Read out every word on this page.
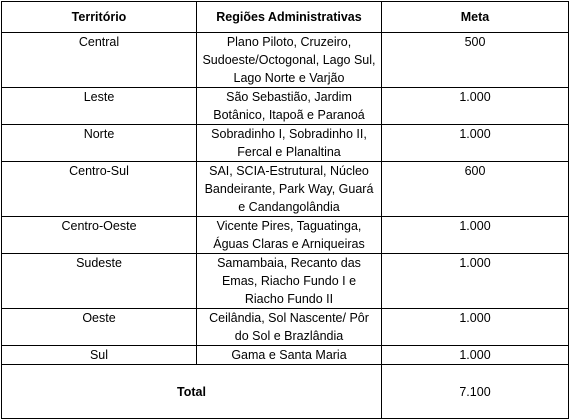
Território	Regiões Administrativas	Meta
Central	Plano Piloto, Cruzeiro, Sudoeste/Octogonal, Lago Sul, Lago Norte e Varjão	500
Leste	São Sebastião, Jardim Botânico, Itapoã e Paranoá	1.000
Norte	Sobradinho I, Sobradinho II, Fercal e Planaltina	1.000
Centro-Sul	SAI, SCIA-Estrutural, Núcleo Bandeirante, Park Way, Guará e Candangolândia	600
Centro-Oeste	Vicente Pires, Taguatinga, Águas Claras e Arniqueiras	1.000
Sudeste	Samambaia, Recanto das Emas, Riacho Fundo I e Riacho Fundo II	1.000
Oeste	Ceilândia, Sol Nascente/ Pôr do Sol e Brazlândia	1.000
Sul	Gama e Santa Maria	1.000
Total		7.100
